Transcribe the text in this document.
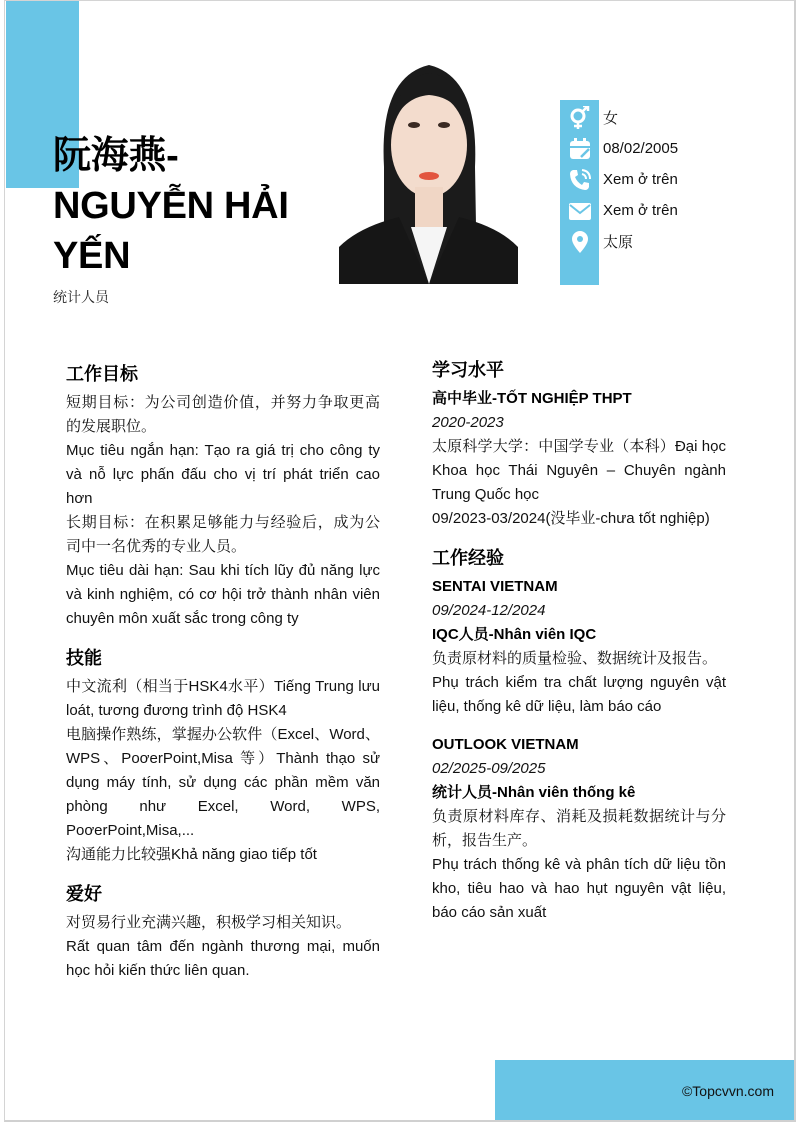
阮海燕-
NGUYỄN HẢI
YẾN
统计人员
女
08/02/2005
Xem ở trên
Xem ở trên
太原
工作目标
短期目标：为公司创造价值，并努力争取更高的发展职位。
Mục tiêu ngắn hạn: Tạo ra giá trị cho công ty và nỗ lực phấn đấu cho vị trí phát triển cao hơn
长期目标：在积累足够能力与经验后，成为公司中一名优秀的专业人员。
Mục tiêu dài hạn: Sau khi tích lũy đủ năng lực và kinh nghiệm, có cơ hội trở thành nhân viên chuyên môn xuất sắc trong công ty
技能
中文流利（相当于HSK4水平）Tiếng Trung lưu loát, tương đương trình độ HSK4
电脑操作熟练，掌握办公软件（Excel、Word、WPS、PoơerPoint,Misa 等）Thành thạo sử dụng máy tính, sử dụng các phần mềm văn phòng như Excel, Word, WPS, PoơerPoint,Misa,...
沟通能力比较强Khả năng giao tiếp tốt
爱好
对贸易行业充满兴趣，积极学习相关知识。
Rất quan tâm đến ngành thương mại, muốn học hỏi kiến thức liên quan.
学习水平
高中毕业-TỐT NGHIỆP THPT
2020-2023
太原科学大学：中国学专业（本科）Đại học Khoa học Thái Nguyên – Chuyên ngành Trung Quốc học
09/2023-03/2024(没毕业-chưa tốt nghiệp)
工作经验
SENTAI VIETNAM
09/2024-12/2024
IQC人员-Nhân viên IQC
负责原材料的质量检验、数据统计及报告。
Phụ trách kiểm tra chất lượng nguyên vật liệu, thống kê dữ liệu, làm báo cáo
OUTLOOK VIETNAM
02/2025-09/2025
统计人员-Nhân viên thống kê
负责原材料库存、消耗及损耗数据统计与分析，报告生产。
Phụ trách thống kê và phân tích dữ liệu tồn kho, tiêu hao và hao hụt nguyên vật liệu, báo cáo sản xuất
©Topcvvn.com
